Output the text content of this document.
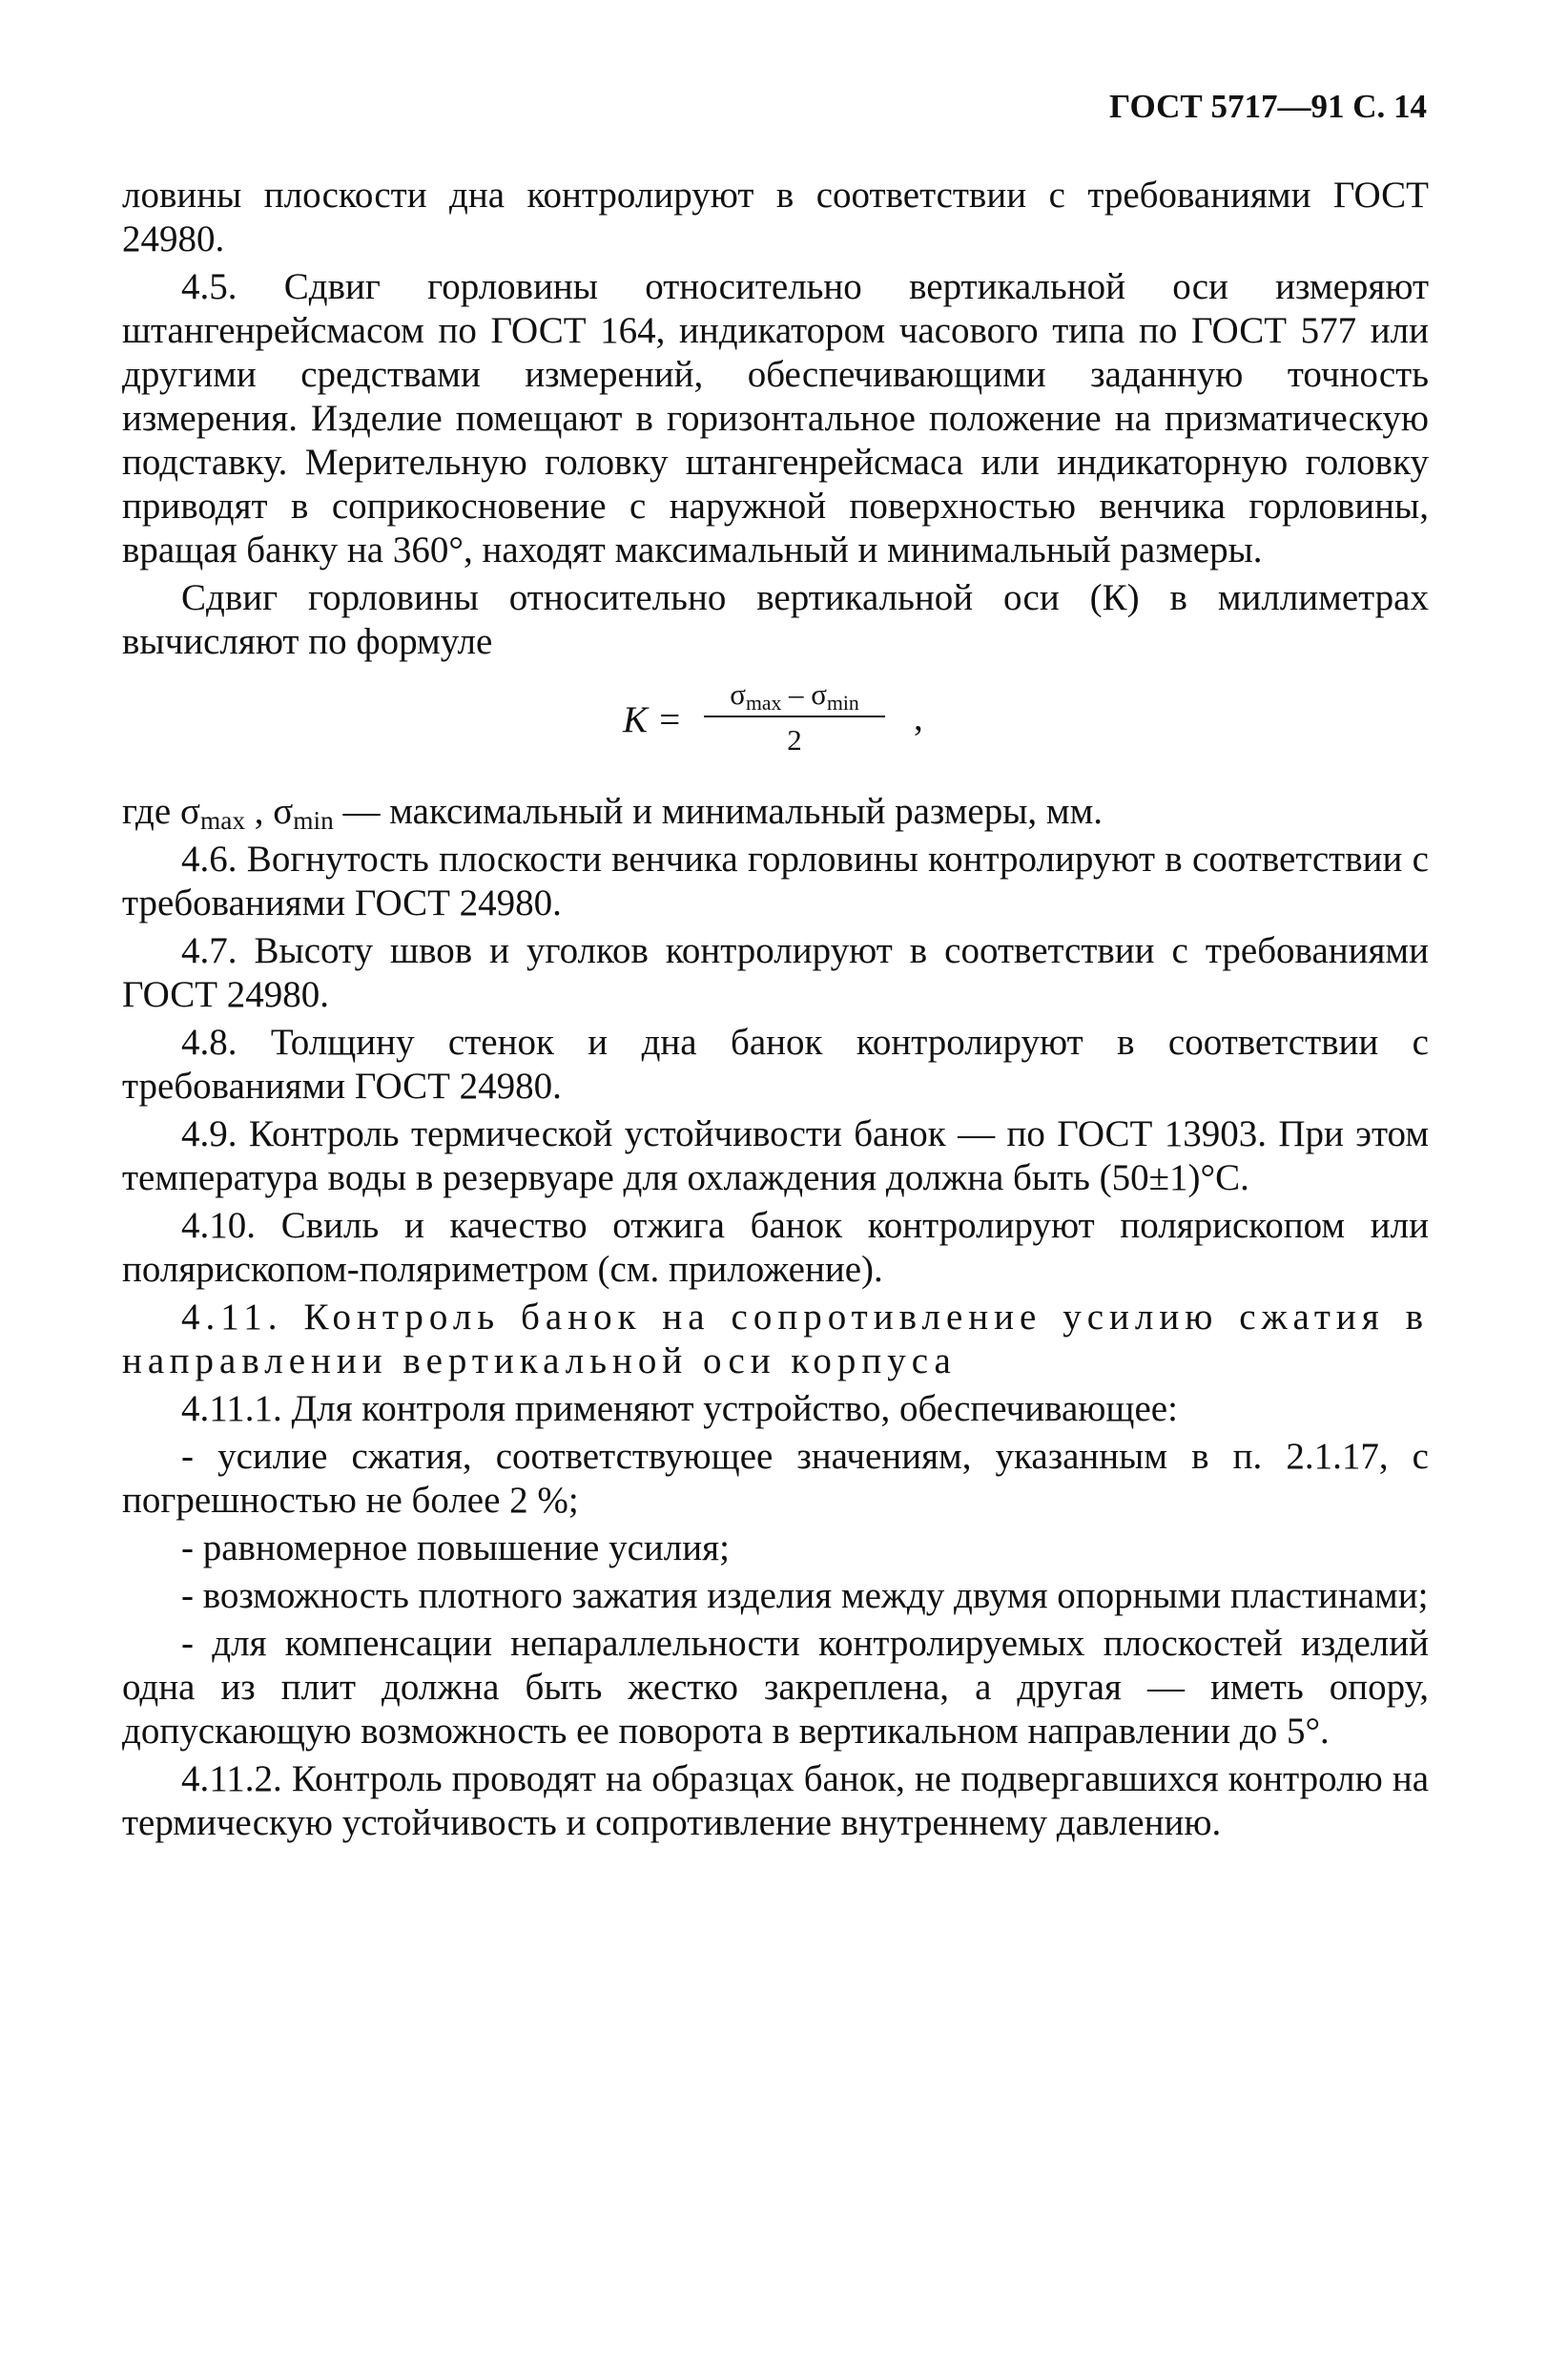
ГОСТ 5717—91 С. 14

ловины плоскости дна контролируют в соответствии с требованиями ГОСТ 24980.

4.5. Сдвиг горловины относительно вертикальной оси измеряют штангенрейсмасом по ГОСТ 164, индикатором часового типа по ГОСТ 577 или другими средствами измерений, обеспечивающими заданную точность измерения. Изделие помещают в горизонтальное положение на призматическую подставку. Мерительную головку штангенрейсмаса или индикаторную головку приводят в соприкосновение с наружной поверхностью венчика горловины, вращая банку на 360°, находят максимальный и минимальный размеры.

Сдвиг горловины относительно вертикальной оси (К) в миллиметрах вычисляют по формуле

K =
$\sigma_{max} - \sigma_{min}$
2
,

где $\sigma_{max}$ , $\sigma_{min}$ — максимальный и минимальный размеры, мм.

4.6. Вогнутость плоскости венчика горловины контролируют в соответствии с требованиями ГОСТ 24980.

4.7. Высоту швов и уголков контролируют в соответствии с требованиями ГОСТ 24980.

4.8. Толщину стенок и дна банок контролируют в соответствии с требованиями ГОСТ 24980.

4.9. Контроль термической устойчивости банок — по ГОСТ 13903. При этом температура воды в резервуаре для охлаждения должна быть (50±1)°С.

4.10. Свиль и качество отжига банок контролируют полярископом или полярископом-поляриметром (см. приложение).

4.11. Контроль банок на сопротивление усилию сжатия в направлении вертикальной оси корпуса

4.11.1. Для контроля применяют устройство, обеспечивающее:

- усилие сжатия, соответствующее значениям, указанным в п. 2.1.17, с погрешностью не более 2 %;

- равномерное повышение усилия;

- возможность плотного зажатия изделия между двумя опорными пластинами;

- для компенсации непараллельности контролируемых плоскостей изделий одна из плит должна быть жестко закреплена, а другая — иметь опору, допускающую возможность ее поворота в вертикальном направлении до 5°.

4.11.2. Контроль проводят на образцах банок, не подвергавшихся контролю на термическую устойчивость и сопротивление внутреннему давлению.
